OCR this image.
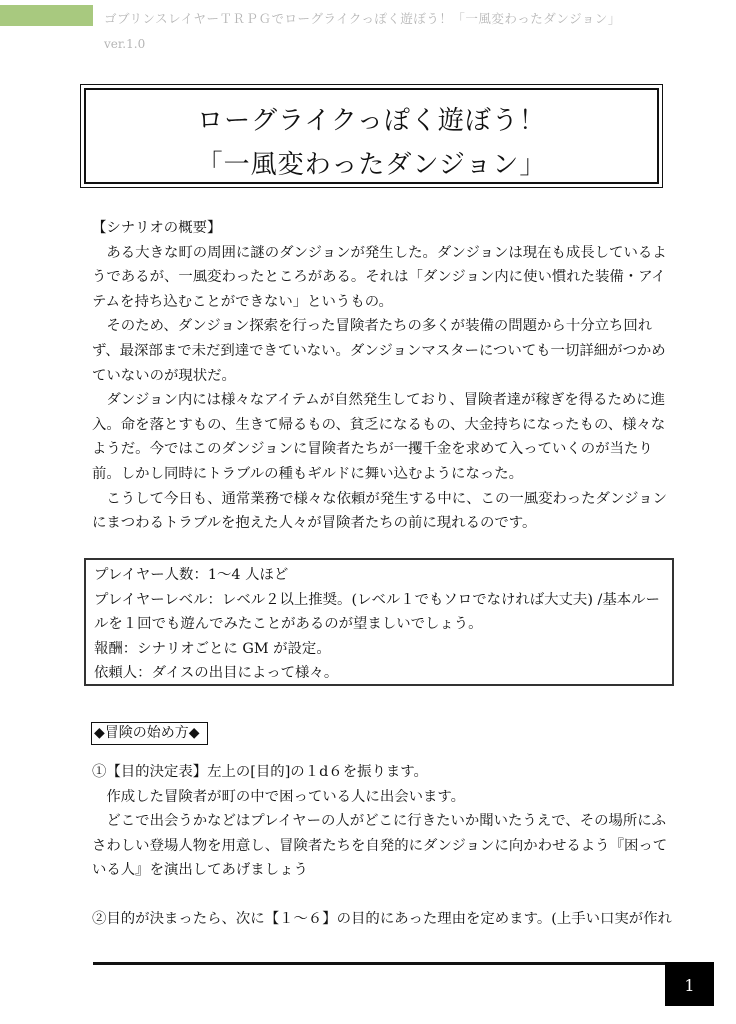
ゴブリンスレイヤーＴＲＰＧでローグライクっぽく遊ぼう！「一風変わったダンジョン」
ver.1.0
ローグライクっぽく遊ぼう！
「一風変わったダンジョン」

【シナリオの概要】

ある大きな町の周囲に謎のダンジョンが発生した。ダンジョンは現在も成長しているようであるが、一風変わったところがある。それは「ダンジョン内に使い慣れた装備・アイテムを持ち込むことができない」というもの。

そのため、ダンジョン探索を行った冒険者たちの多くが装備の問題から十分立ち回れず、最深部まで未だ到達できていない。ダンジョンマスターについても一切詳細がつかめていないのが現状だ。

ダンジョン内には様々なアイテムが自然発生しており、冒険者達が稼ぎを得るために進入。命を落とすもの、生きて帰るもの、貧乏になるもの、大金持ちになったもの、様々なようだ。今ではこのダンジョンに冒険者たちが一攫千金を求めて入っていくのが当たり前。しかし同時にトラブルの種もギルドに舞い込むようになった。

こうして今日も、通常業務で様々な依頼が発生する中に、この一風変わったダンジョンにまつわるトラブルを抱えた人々が冒険者たちの前に現れるのです。

プレイヤー人数：1〜4 人ほど
プレイヤーレベル：レベル２以上推奨。(レベル１でもソロでなければ大丈夫) /基本ルールを１回でも遊んでみたことがあるのが望ましいでしょう。
報酬：シナリオごとに GM が設定。
依頼人：ダイスの出目によって様々。
◆冒険の始め方◆

①【目的決定表】左上の[目的]の１d６を振ります。

作成した冒険者が町の中で困っている人に出会います。

どこで出会うかなどはプレイヤーの人がどこに行きたいか聞いたうえで、その場所にふさわしい登場人物を用意し、冒険者たちを自発的にダンジョンに向かわせるよう『困っている人』を演出してあげましょう

②目的が決まったら、次に【１〜６】の目的にあった理由を定めます。(上手い口実が作れ

1
